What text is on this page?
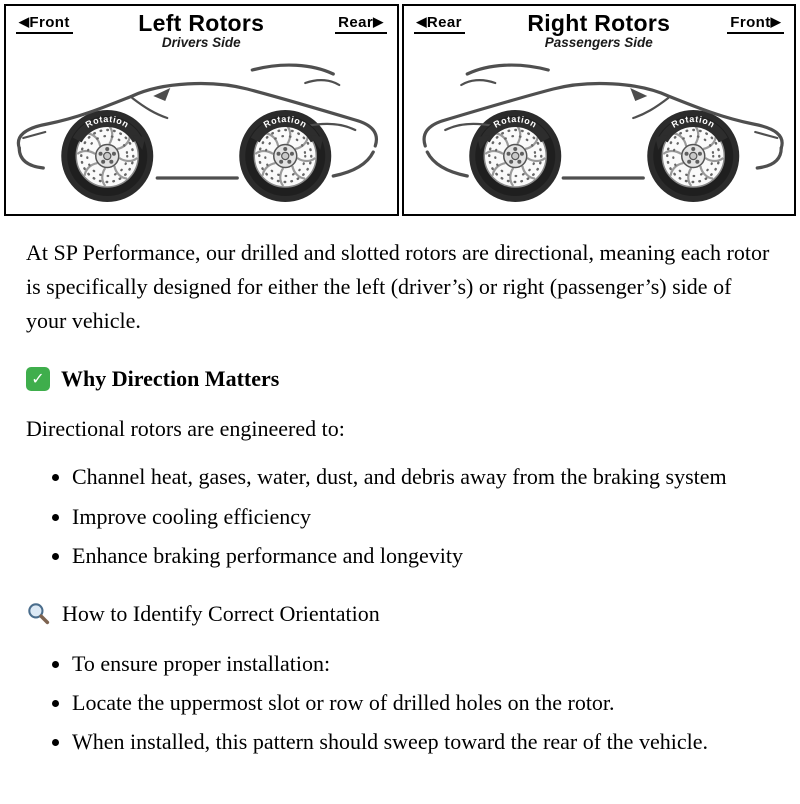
◀Front	Left Rotors
Drivers Side
Rear▶
Rotation	Rotation
◀Rear	Right Rotors
Passengers Side
Front▶
Rotation	Rotation

At SP Performance, our drilled and slotted rotors are directional, meaning each rotor is specifically designed for either the left (driver’s) or right (passenger’s) side of your vehicle.

✓ Why Direction Matters

Directional rotors are engineered to:

• Channel heat, gases, water, dust, and debris away from the braking system
• Improve cooling efficiency
• Enhance braking performance and longevity
How to Identify Correct Orientation
• To ensure proper installation:
• Locate the uppermost slot or row of drilled holes on the rotor.
• When installed, this pattern should sweep toward the rear of the vehicle.
